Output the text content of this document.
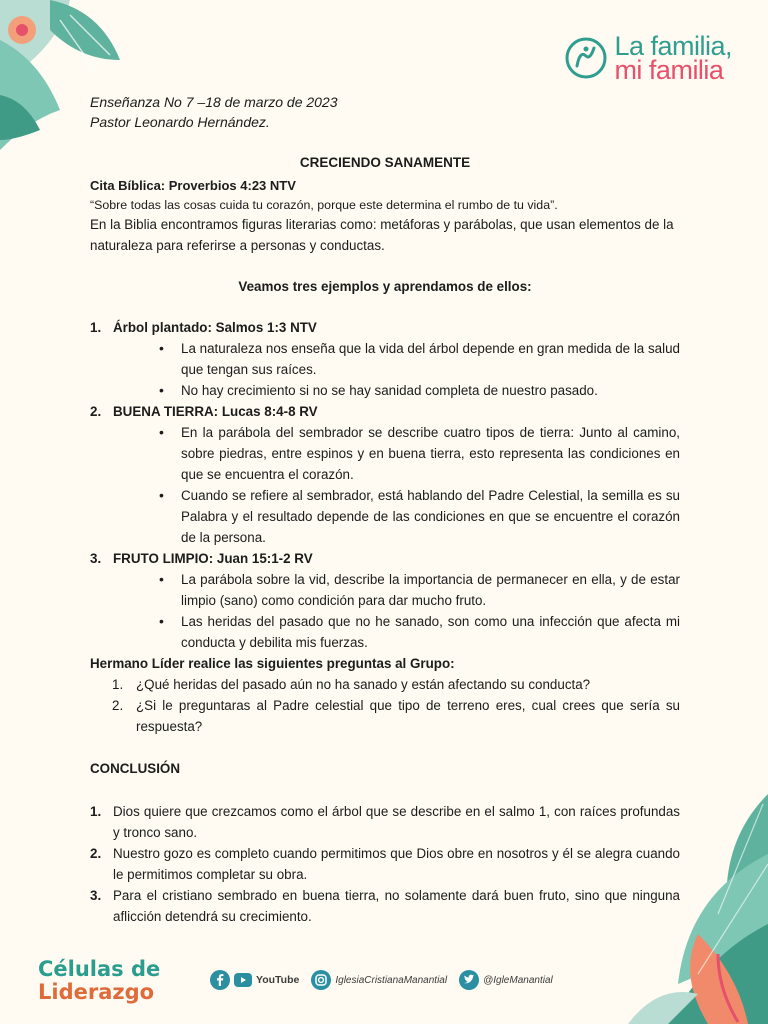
La familia,
mi familia
Enseñanza No 7 –18 de marzo de 2023
Pastor Leonardo Hernández.
CRECIENDO SANAMENTE
Cita Bíblica: Proverbios 4:23 NTV
“Sobre todas las cosas cuida tu corazón, porque este determina el rumbo de tu vida”.
En la Biblia encontramos figuras literarias como: metáforas y parábolas, que usan elementos de la naturaleza para referirse a personas y conductas.
Veamos tres ejemplos y aprendamos de ellos:
1. Árbol plantado: Salmos 1:3 NTV
• La naturaleza nos enseña que la vida del árbol depende en gran medida de la salud que tengan sus raíces.
• No hay crecimiento si no se hay sanidad completa de nuestro pasado.
2. BUENA TIERRA: Lucas 8:4-8 RV
• En la parábola del sembrador se describe cuatro tipos de tierra: Junto al camino, sobre piedras, entre espinos y en buena tierra, esto representa las condiciones en que se encuentra el corazón.
• Cuando se refiere al sembrador, está hablando del Padre Celestial, la semilla es su Palabra y el resultado depende de las condiciones en que se encuentre el corazón de la persona.
3. FRUTO LIMPIO: Juan 15:1-2 RV
• La parábola sobre la vid, describe la importancia de permanecer en ella, y de estar limpio (sano) como condición para dar mucho fruto.
• Las heridas del pasado que no he sanado, son como una infección que afecta mi conducta y debilita mis fuerzas.
Hermano Líder realice las siguientes preguntas al Grupo:
1. ¿Qué heridas del pasado aún no ha sanado y están afectando su conducta?
2. ¿Si le preguntaras al Padre celestial que tipo de terreno eres, cual crees que sería su respuesta?
CONCLUSIÓN
1. Dios quiere que crezcamos como el árbol que se describe en el salmo 1, con raíces profundas y tronco sano.
2. Nuestro gozo es completo cuando permitimos que Dios obre en nosotros y él se alegra cuando le permitimos completar su obra.
3. Para el cristiano sembrado en buena tierra, no solamente dará buen fruto, sino que ninguna aflicción detendrá su crecimiento.
Células de
Liderazgo	YouTube	IglesiaCristianaManantial	@IgleManantial
